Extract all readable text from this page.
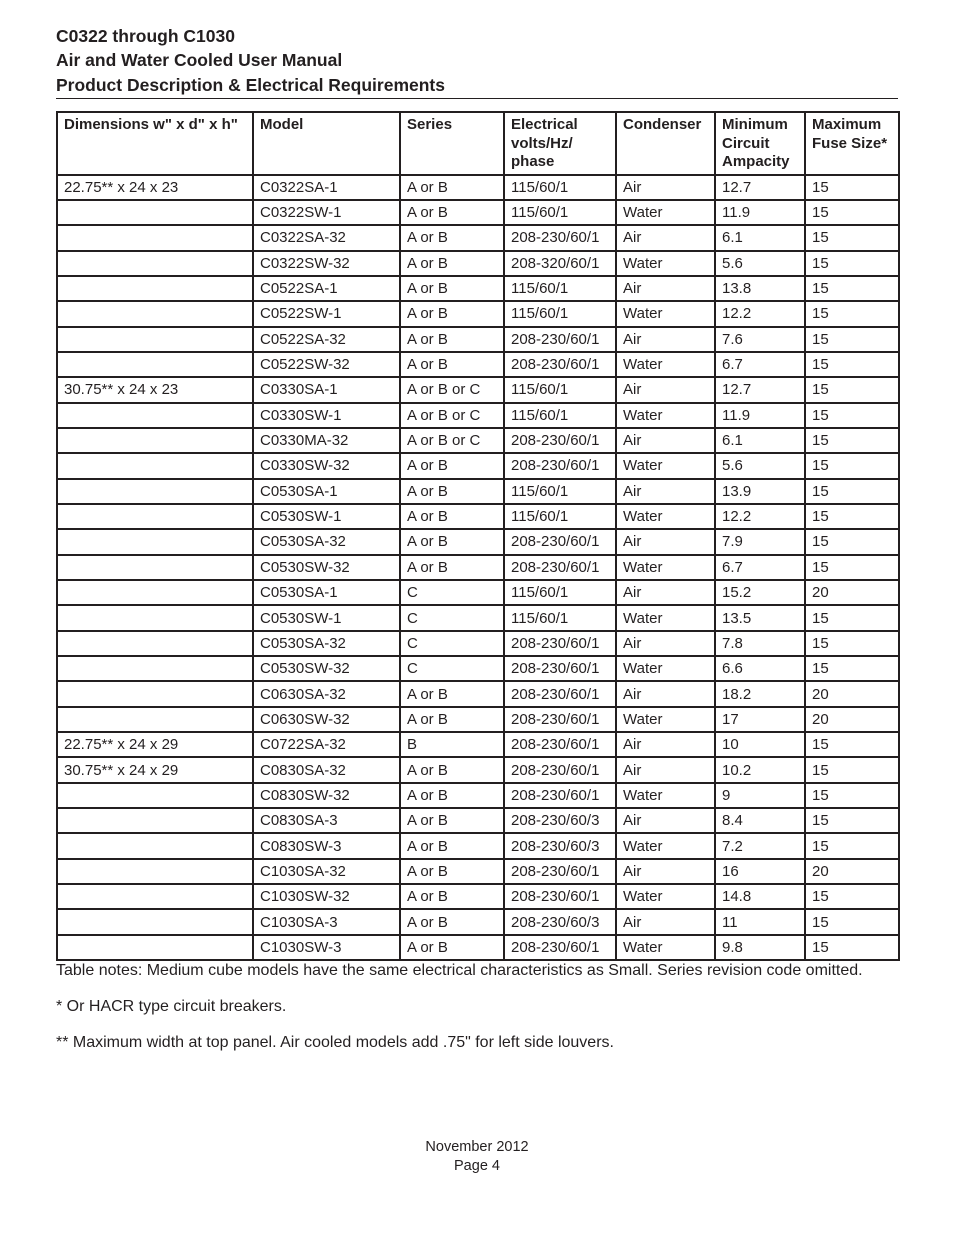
C0322 through C1030
Air and Water Cooled User Manual
Product Description & Electrical Requirements
Dimensions w" x d" x h"	Model	Series	Electrical volts/Hz/ phase	Condenser	Minimum Circuit Ampacity	Maximum Fuse Size*
22.75** x 24 x 23	C0322SA-1	A or B	115/60/1	Air	12.7	15
	C0322SW-1	A or B	115/60/1	Water	11.9	15
	C0322SA-32	A or B	208-230/60/1	Air	6.1	15
	C0322SW-32	A or B	208-320/60/1	Water	5.6	15
	C0522SA-1	A or B	115/60/1	Air	13.8	15
	C0522SW-1	A or B	115/60/1	Water	12.2	15
	C0522SA-32	A or B	208-230/60/1	Air	7.6	15
	C0522SW-32	A or B	208-230/60/1	Water	6.7	15
30.75** x 24 x 23	C0330SA-1	A or B or C	115/60/1	Air	12.7	15
	C0330SW-1	A or B or C	115/60/1	Water	11.9	15
	C0330MA-32	A or B or C	208-230/60/1	Air	6.1	15
	C0330SW-32	A or B	208-230/60/1	Water	5.6	15
	C0530SA-1	A or B	115/60/1	Air	13.9	15
	C0530SW-1	A or B	115/60/1	Water	12.2	15
	C0530SA-32	A or B	208-230/60/1	Air	7.9	15
	C0530SW-32	A or B	208-230/60/1	Water	6.7	15
	C0530SA-1	C	115/60/1	Air	15.2	20
	C0530SW-1	C	115/60/1	Water	13.5	15
	C0530SA-32	C	208-230/60/1	Air	7.8	15
	C0530SW-32	C	208-230/60/1	Water	6.6	15
	C0630SA-32	A or B	208-230/60/1	Air	18.2	20
	C0630SW-32	A or B	208-230/60/1	Water	17	20
22.75** x 24 x 29	C0722SA-32	B	208-230/60/1	Air	10	15
30.75** x 24 x 29	C0830SA-32	A or B	208-230/60/1	Air	10.2	15
	C0830SW-32	A or B	208-230/60/1	Water	9	15
	C0830SA-3	A or B	208-230/60/3	Air	8.4	15
	C0830SW-3	A or B	208-230/60/3	Water	7.2	15
	C1030SA-32	A or B	208-230/60/1	Air	16	20
	C1030SW-32	A or B	208-230/60/1	Water	14.8	15
	C1030SA-3	A or B	208-230/60/3	Air	11	15
	C1030SW-3	A or B	208-230/60/1	Water	9.8	15

Table notes: Medium cube models have the same electrical characteristics as Small. Series revision code omitted.

* Or HACR type circuit breakers.

** Maximum width at top panel. Air cooled models add .75" for left side louvers.

November 2012
Page 4
